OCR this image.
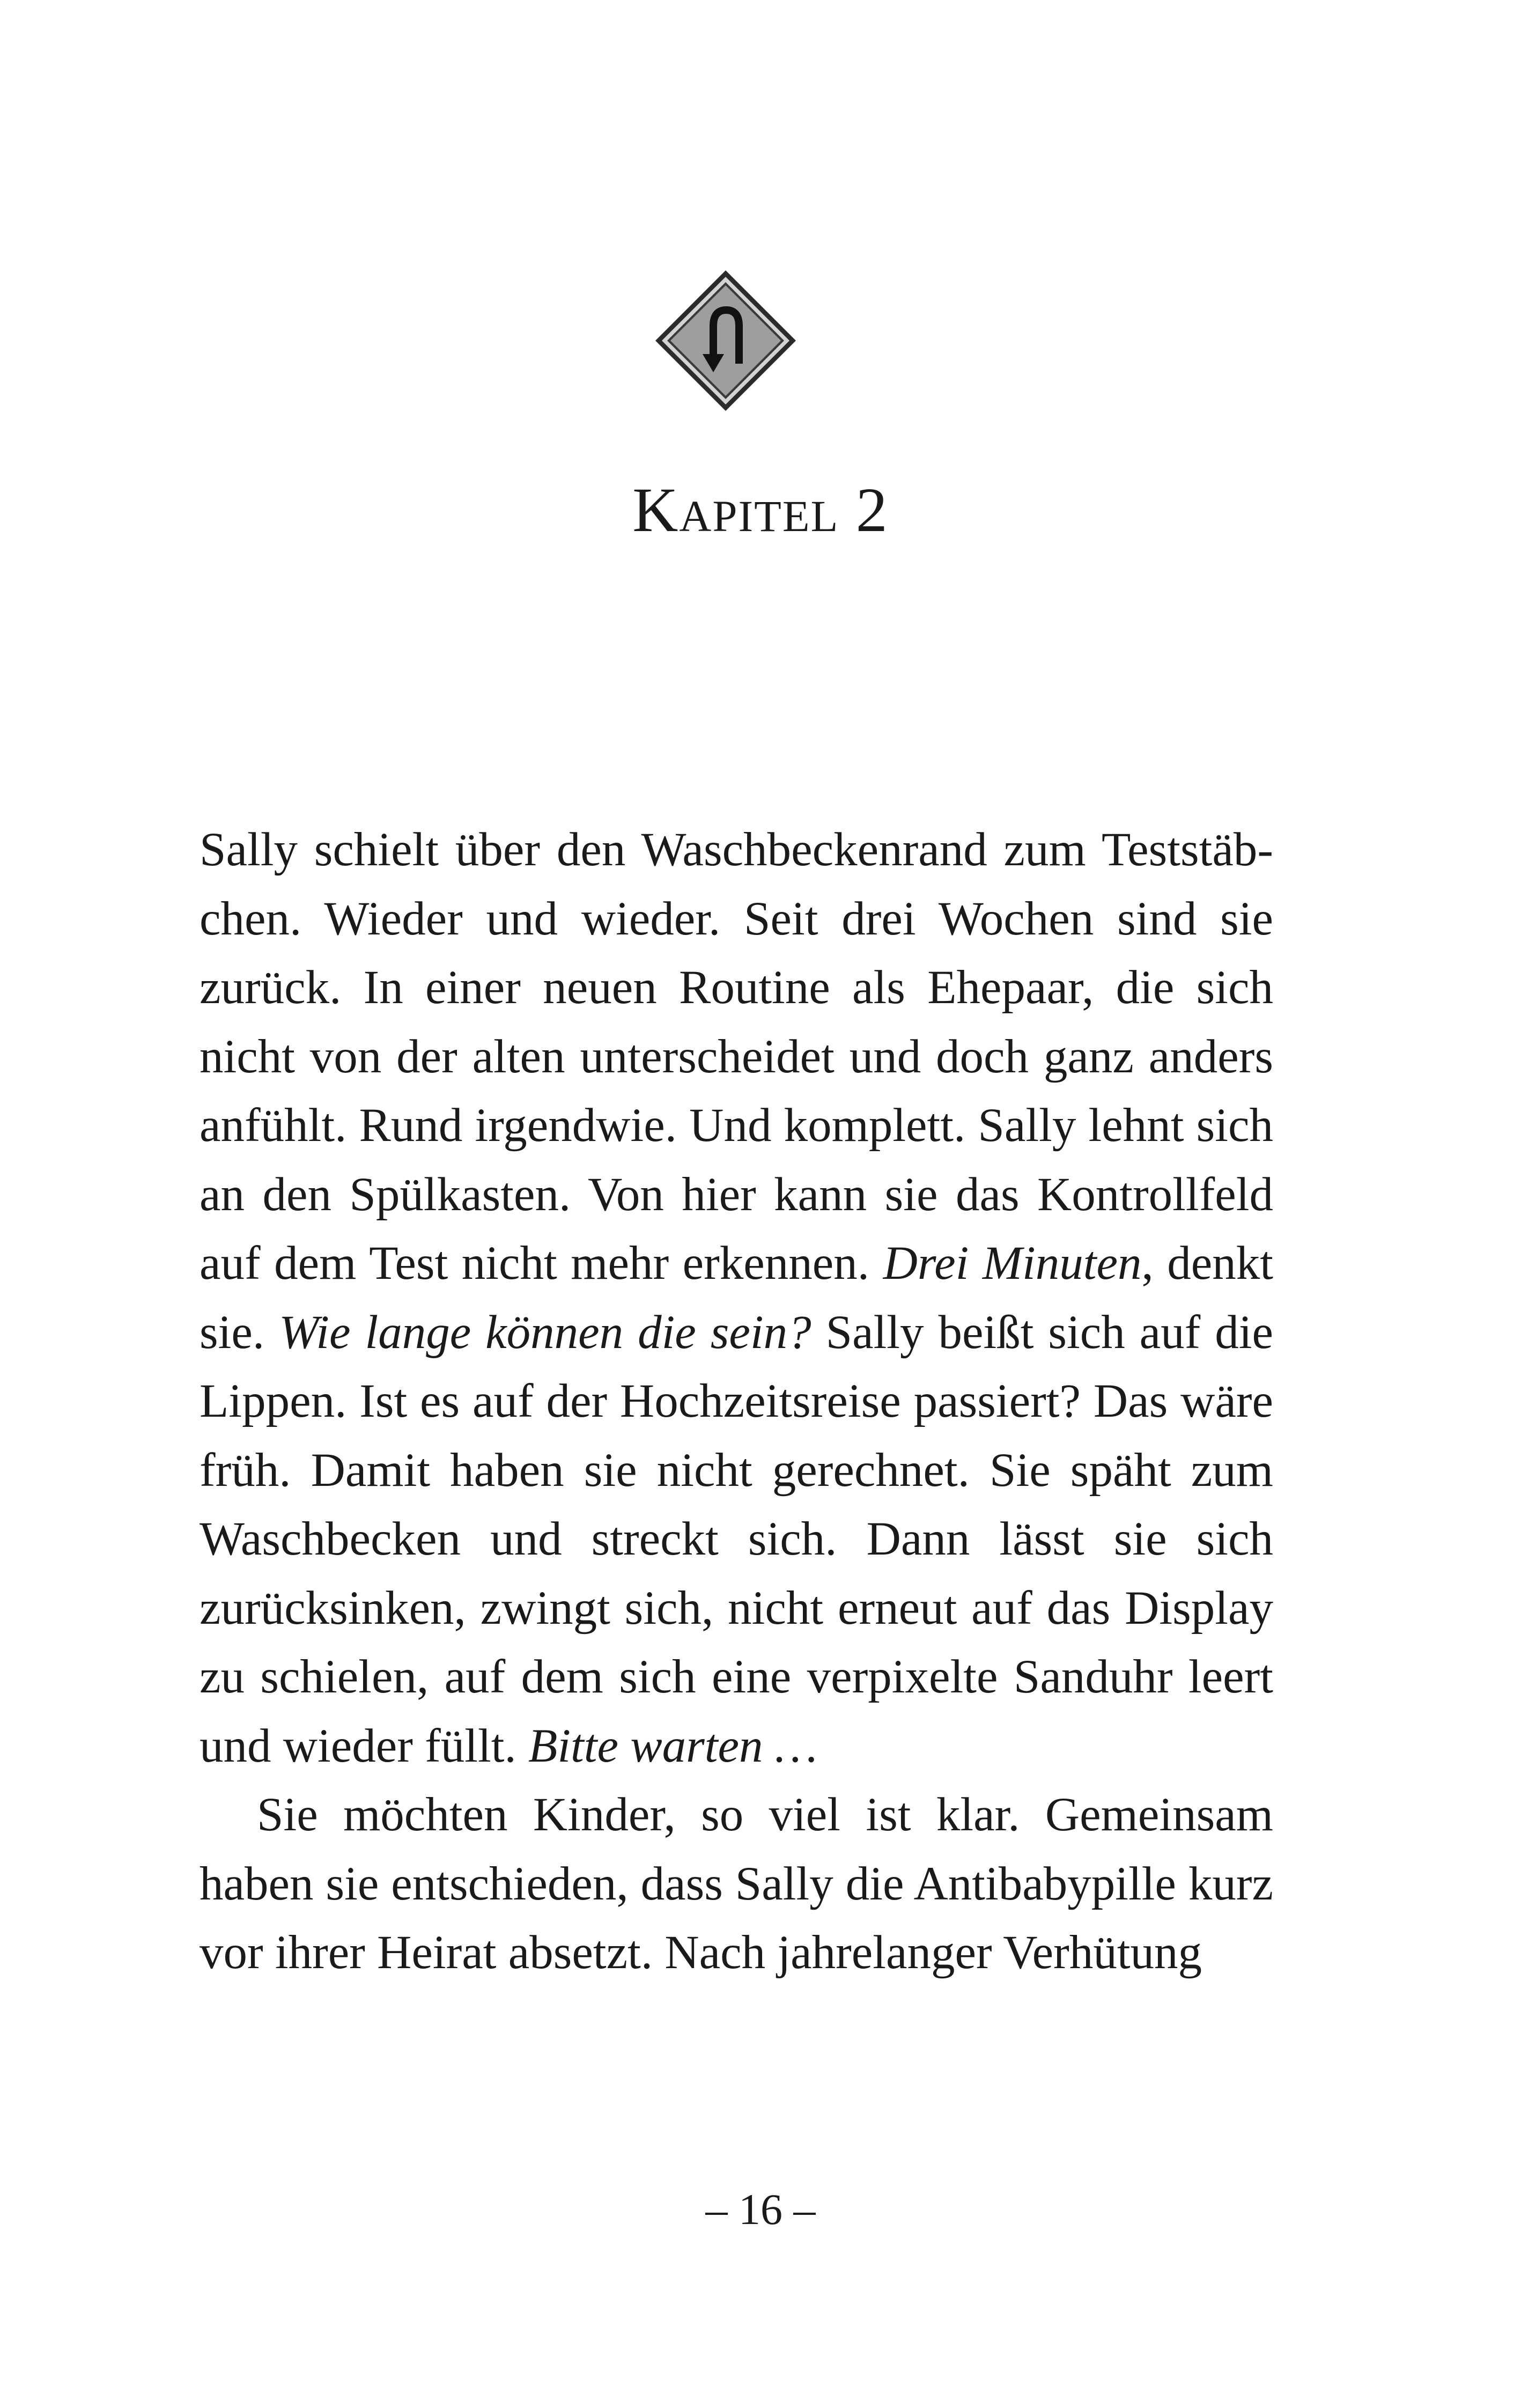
Kapitel 2

Sally schielt über den Waschbeckenrand zum Teststäbchen. Wieder und wieder. Seit drei Wochen sind sie zurück. In einer neuen Routine als Ehepaar, die sich nicht von der alten unterscheidet und doch ganz anders anfühlt. Rund irgendwie. Und komplett. Sally lehnt sich an den Spülkasten. Von hier kann sie das Kontrollfeld auf dem Test nicht mehr erkennen. Drei Minuten, denkt sie. Wie lange können die sein? Sally beißt sich auf die Lippen. Ist es auf der Hochzeitsreise passiert? Das wäre früh. Damit haben sie nicht gerechnet. Sie späht zum Waschbecken und streckt sich. Dann lässt sie sich zurücksinken, zwingt sich, nicht erneut auf das Display zu schielen, auf dem sich eine verpixelte Sanduhr leert und wieder füllt. Bitte warten …

Sie möchten Kinder, so viel ist klar. Gemeinsam haben sie entschieden, dass Sally die Antibabypille kurz vor ihrer Heirat absetzt. Nach jahrelanger Verhütung

– 16 –
